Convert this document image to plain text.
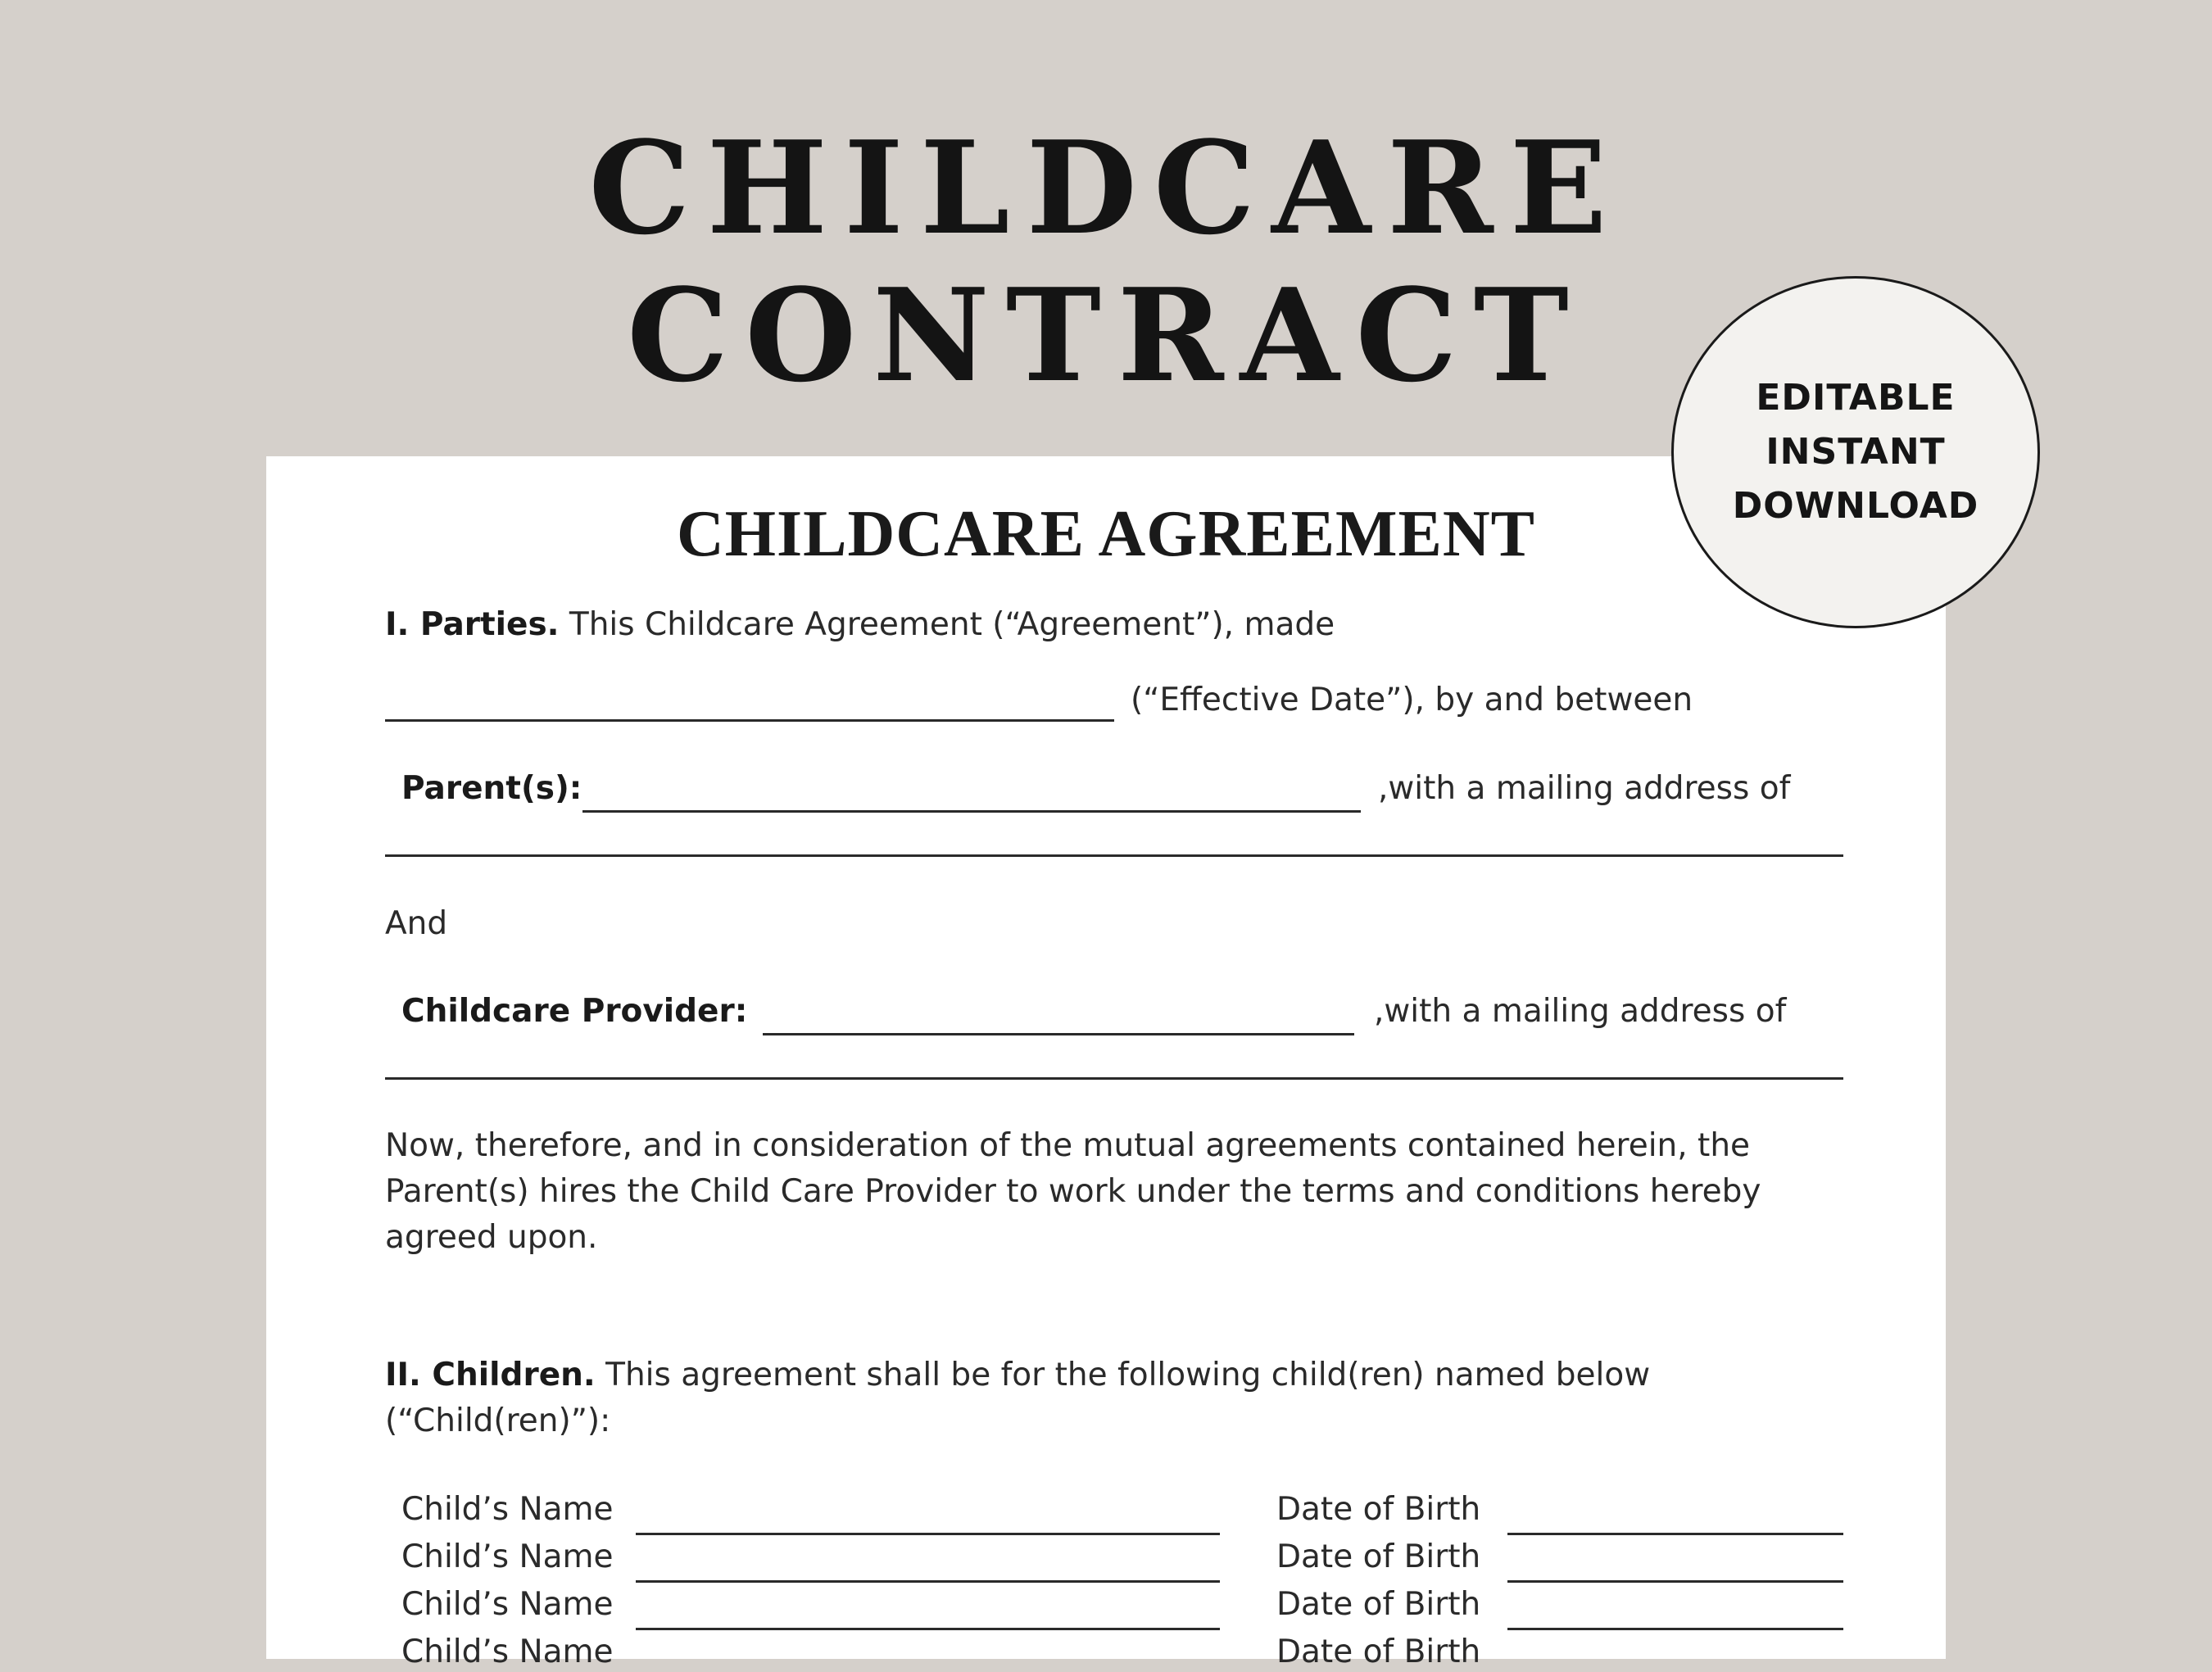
CHILDCARE
CONTRACT
CHILDCARE AGREEMENT
I. Parties. This Childcare Agreement (“Agreement”), made
(“Effective Date”), by and between
Parent(s):	,with a mailing address of
And
Childcare Provider:	,with a mailing address of
Now, therefore, and in consideration of the mutual agreements contained herein, the Parent(s) hires the Child Care Provider to work under the terms and conditions hereby agreed upon.
II. Children. This agreement shall be for the following child(ren) named below (“Child(ren)”):
Child’s Name	Date of Birth
Child’s Name	Date of Birth
Child’s Name	Date of Birth
Child’s Name	Date of Birth
EDITABLE
INSTANT
DOWNLOAD
